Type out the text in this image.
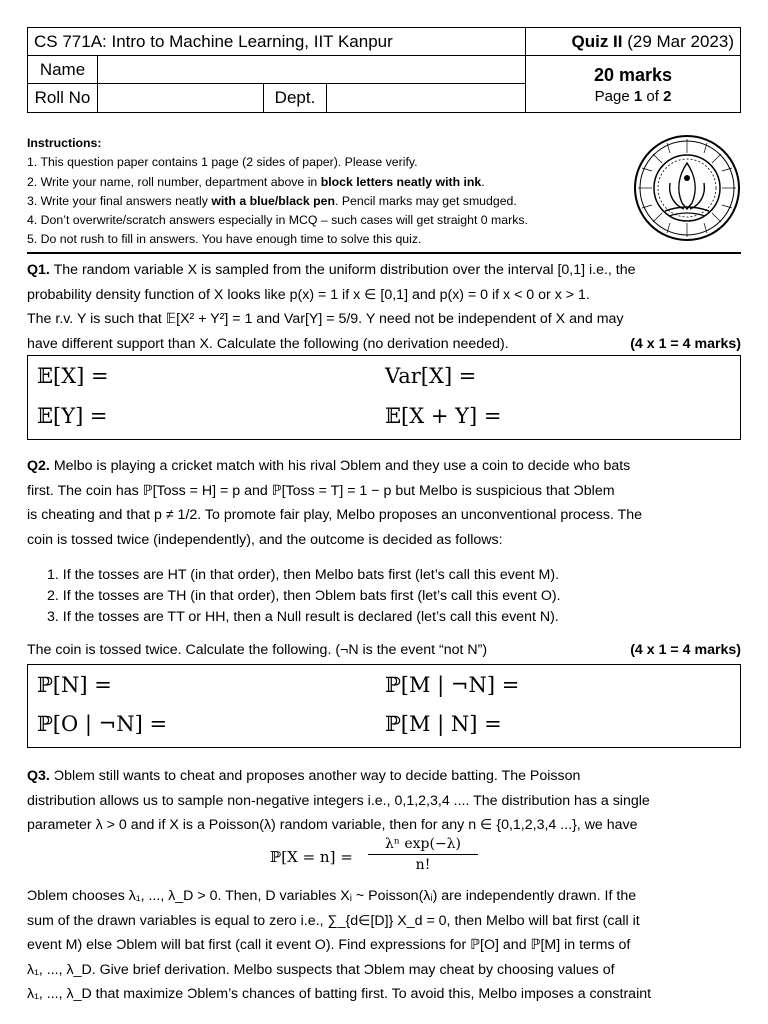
CS 771A: Intro to Machine Learning, IIT Kanpur			Quiz II (29 Mar 2023)
Name			20 marks
Page 1 of 2

Roll No		Dept.	
Instructions:
1. This question paper contains 1 page (2 sides of paper). Please verify.
2. Write your name, roll number, department above in block letters neatly with ink.
3. Write your final answers neatly with a blue/black pen. Pencil marks may get smudged.
4. Don’t overwrite/scratch answers especially in MCQ – such cases will get straight 0 marks.
5. Do not rush to fill in answers. You have enough time to solve this quiz.
Q1. The random variable X is sampled from the uniform distribution over the interval [0,1] i.e., the
probability density function of X looks like p(x) = 1 if x ∈ [0,1] and p(x) = 0 if x < 0 or x > 1.
The r.v. Y is such that 𝔼[X² + Y²] = 1 and Var[Y] = 5/9. Y need not be independent of X and may
have different support than X. Calculate the following (no derivation needed).	(4 x 1 = 4 marks)
𝔼[X] =	Var[X] =
𝔼[Y] =	𝔼[X + Y] =
Q2. Melbo is playing a cricket match with his rival Ɔblem and they use a coin to decide who bats
first. The coin has ℙ[Toss = H] = p and ℙ[Toss = T] = 1 − p but Melbo is suspicious that Ɔblem
is cheating and that p ≠ 1/2. To promote fair play, Melbo proposes an unconventional process. The
coin is tossed twice (independently), and the outcome is decided as follows:
1. If the tosses are HT (in that order), then Melbo bats first (let’s call this event M).
2. If the tosses are TH (in that order), then Ɔblem bats first (let’s call this event O).
3. If the tosses are TT or HH, then a Null result is declared (let’s call this event N).
The coin is tossed twice. Calculate the following. (¬N is the event “not N”)	(4 x 1 = 4 marks)
ℙ[N] =	ℙ[M | ¬N] =
ℙ[O | ¬N] =	ℙ[M | N] =
Q3. Ɔblem still wants to cheat and proposes another way to decide batting. The Poisson
distribution allows us to sample non-negative integers i.e., 0,1,2,3,4 .... The distribution has a single
parameter λ > 0 and if X is a Poisson(λ) random variable, then for any n ∈ {0,1,2,3,4 ...}, we have
ℙ[X = $n] = \frac{\text{λⁿ exp(−λ)}}{n!}$
Ɔblem chooses λ₁, ..., λ_D > 0. Then, D variables Xᵢ ~ Poisson(λᵢ) are independently drawn. If the
sum of the drawn variables is equal to zero i.e., ∑_{d∈[D]} X_d = 0, then Melbo will bat first (call it
event M) else Ɔblem will bat first (call it event O). Find expressions for ℙ[O] and ℙ[M] in terms of
λ₁, ..., λ_D. Give brief derivation. Melbo suspects that Ɔblem may cheat by choosing values of
λ₁, ..., λ_D that maximize Ɔblem’s chances of batting first. To avoid this, Melbo imposes a constraint
